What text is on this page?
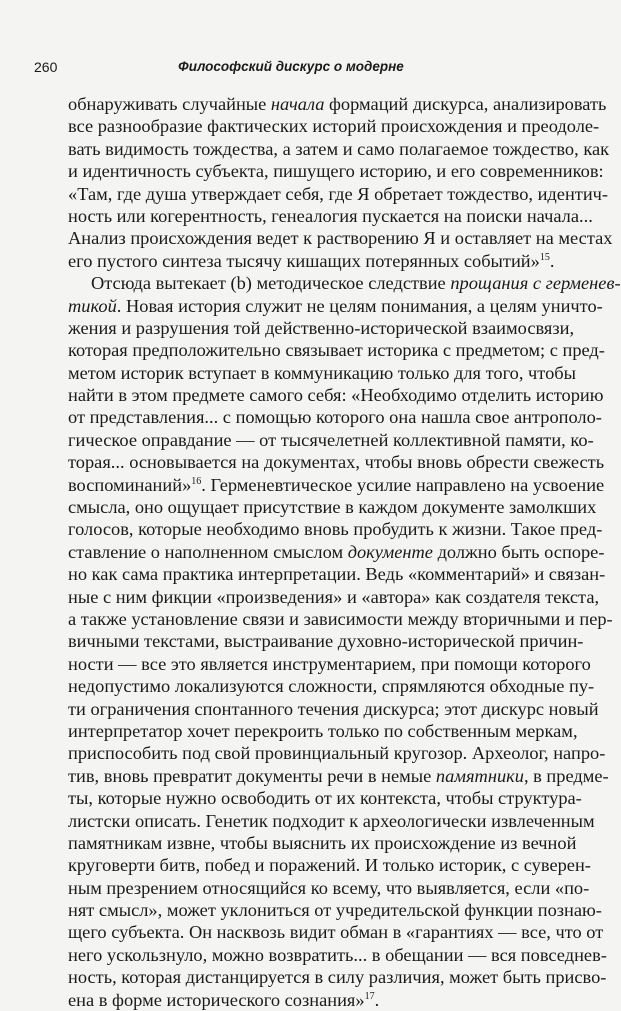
260	Философский дискурс о модерне
обнаруживать случайные начала формаций дискурса, анализировать
все разнообразие фактических историй происхождения и преодоле-
вать видимость тождества, а затем и само полагаемое тождество, как
и идентичность субъекта, пишущего историю, и его современников:
«Там, где душа утверждает себя, где Я обретает тождество, идентич-
ность или когерентность, генеалогия пускается на поиски начала...
Анализ происхождения ведет к растворению Я и оставляет на местах
его пустого синтеза тысячу кишащих потерянных событий»$^{15}$.
Отсюда вытекает (b) методическое следствие прощания с герменев-
тикой. Новая история служит не целям понимания, а целям уничто-
жения и разрушения той действенно-исторической взаимосвязи,
которая предположительно связывает историка с предметом; с пред-
метом историк вступает в коммуникацию только для того, чтобы
найти в этом предмете самого себя: «Необходимо отделить историю
от представления... с помощью которого она нашла свое антрополо-
гическое оправдание — от тысячелетней коллективной памяти, ко-
торая... основывается на документах, чтобы вновь обрести свежесть
воспоминаний»$^{16}$. Герменевтическое усилие направлено на усвоение
смысла, оно ощущает присутствие в каждом документе замолкших
голосов, которые необходимо вновь пробудить к жизни. Такое пред-
ставление о наполненном смыслом документе должно быть оспоре-
но как сама практика интерпретации. Ведь «комментарий» и связан-
ные с ним фикции «произведения» и «автора» как создателя текста,
а также установление связи и зависимости между вторичными и пер-
вичными текстами, выстраивание духовно-исторической причин-
ности — все это является инструментарием, при помощи которого
недопустимо локализуются сложности, спрямляются обходные пу-
ти ограничения спонтанного течения дискурса; этот дискурс новый
интерпретатор хочет перекроить только по собственным меркам,
приспособить под свой провинциальный кругозор. Археолог, напро-
тив, вновь превратит документы речи в немые памятники, в предме-
ты, которые нужно освободить от их контекста, чтобы структура-
листски описать. Генетик подходит к археологически извлеченным
памятникам извне, чтобы выяснить их происхождение из вечной
круговерти битв, побед и поражений. И только историк, с суверен-
ным презрением относящийся ко всему, что выявляется, если «по-
нят смысл», может уклониться от учредительской функции познаю-
щего субъекта. Он насквозь видит обман в «гарантиях — все, что от
него ускользнуло, можно возвратить... в обещании — вся повседнев-
ность, которая дистанцируется в силу различия, может быть присво-
ена в форме исторического сознания»$^{17}$.
